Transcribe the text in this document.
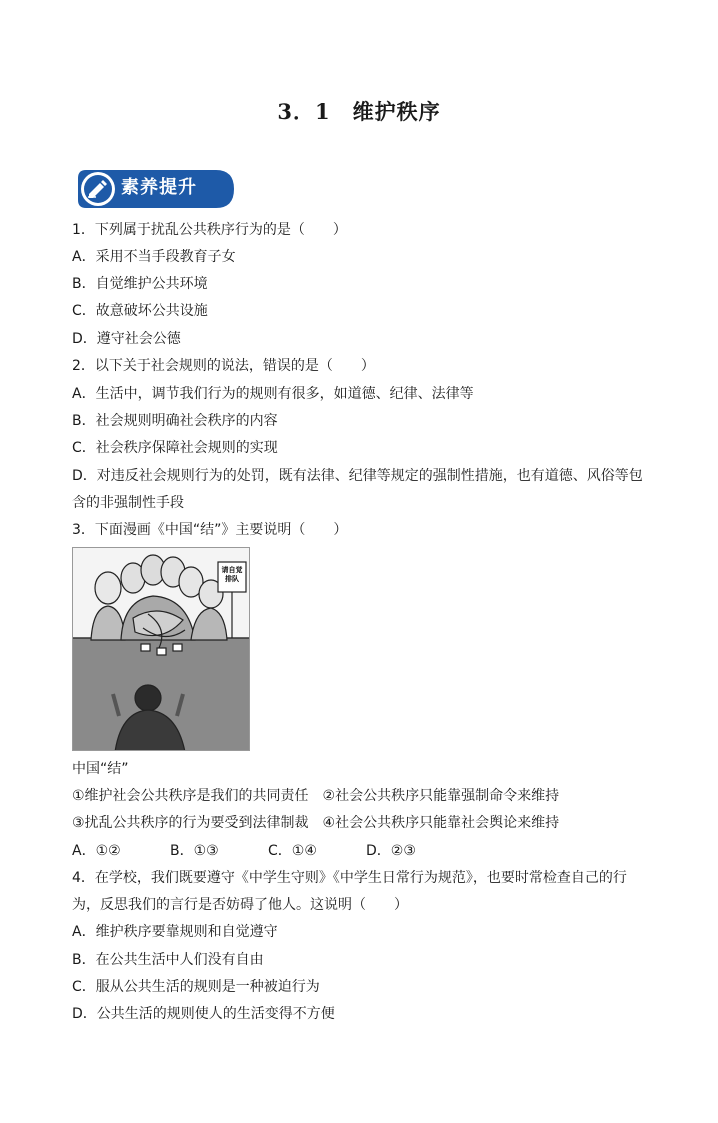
3．1　维护秩序
素养提升
1．下列属于扰乱公共秩序行为的是（　　）
A．采用不当手段教育子女
B．自觉维护公共环境
C．故意破坏公共设施
D．遵守社会公德
2．以下关于社会规则的说法，错误的是（　　）
A．生活中，调节我们行为的规则有很多，如道德、纪律、法律等
B．社会规则明确社会秩序的内容
C．社会秩序保障社会规则的实现
D．对违反社会规则行为的处罚，既有法律、纪律等规定的强制性措施，也有道德、风俗等包
含的非强制性手段
3．下面漫画《中国“结”》主要说明（　　）
请自觉排队
中国“结”
①维护社会公共秩序是我们的共同责任　②社会公共秩序只能靠强制命令来维持
③扰乱公共秩序的行为要受到法律制裁　④社会公共秩序只能靠社会舆论来维持
A．①②	B．①③	C．①④	D．②③
4．在学校，我们既要遵守《中学生守则》《中学生日常行为规范》，也要时常检查自己的行
为，反思我们的言行是否妨碍了他人。这说明（　　）
A．维护秩序要靠规则和自觉遵守
B．在公共生活中人们没有自由
C．服从公共生活的规则是一种被迫行为
D．公共生活的规则使人的生活变得不方便
